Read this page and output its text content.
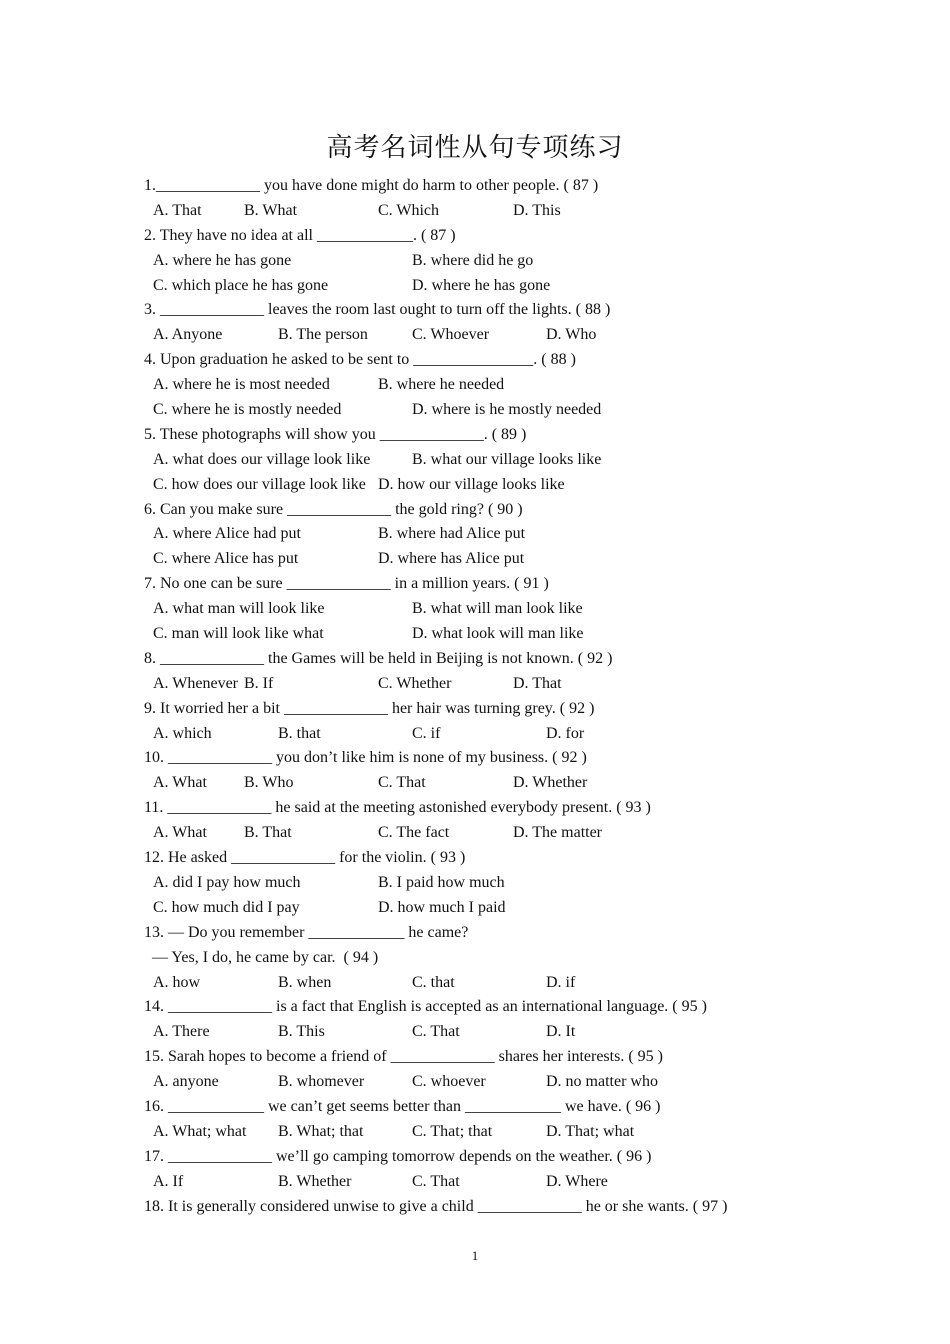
高考名词性从句专项练习
1._____________ you have done might do harm to other people. ( 87 )
A. That	B. What	C. Which	D. This
2. They have no idea at all ____________. ( 87 )
A. where he has gone	B. where did he go
C. which place he has gone	D. where he has gone
3. _____________ leaves the room last ought to turn off the lights. ( 88 )
A. Anyone	B. The person	C. Whoever	D. Who
4. Upon graduation he asked to be sent to _______________. ( 88 )
A. where he is most needed	B. where he needed
C. where he is mostly needed	D. where is he mostly needed
5. These photographs will show you _____________. ( 89 )
A. what does our village look like	B. what our village looks like
C. how does our village look like D. how our village looks like
6. Can you make sure _____________ the gold ring? ( 90 )
A. where Alice had put	B. where had Alice put
C. where Alice has put	D. where has Alice put
7. No one can be sure _____________ in a million years. ( 91 )
A. what man will look like	B. what will man look like
C. man will look like what	D. what look will man like
8. _____________ the Games will be held in Beijing is not known. ( 92 )
A. Whenever B. If	C. Whether	D. That
9. It worried her a bit _____________ her hair was turning grey. ( 92 )
A. which	B. that	C. if	D. for
10. _____________ you don’t like him is none of my business. ( 92 )
A. What B. Who	C. That	D. Whether
11. _____________ he said at the meeting astonished everybody present. ( 93 )
A. What B. That	C. The fact	D. The matter
12. He asked _____________ for the violin. ( 93 )
A. did I pay how much	B. I paid how much
C. how much did I pay	D. how much I paid
13. — Do you remember ____________ he came?
— Yes, I do, he came by car.  ( 94 )
A. how	B. when	C. that	D. if
14. _____________ is a fact that English is accepted as an international language. ( 95 )
A. There	B. This	C. That	D. It
15. Sarah hopes to become a friend of _____________ shares her interests. ( 95 )
A. anyone	B. whomever	C. whoever	D. no matter who
16. ____________ we can’t get seems better than ____________ we have. ( 96 )
A. What; what B. What; that	C. That; that	D. That; what
17. _____________ we’ll go camping tomorrow depends on the weather. ( 96 )
A. If	B. Whether	C. That	D. Where
18. It is generally considered unwise to give a child _____________ he or she wants. ( 97 )
1
